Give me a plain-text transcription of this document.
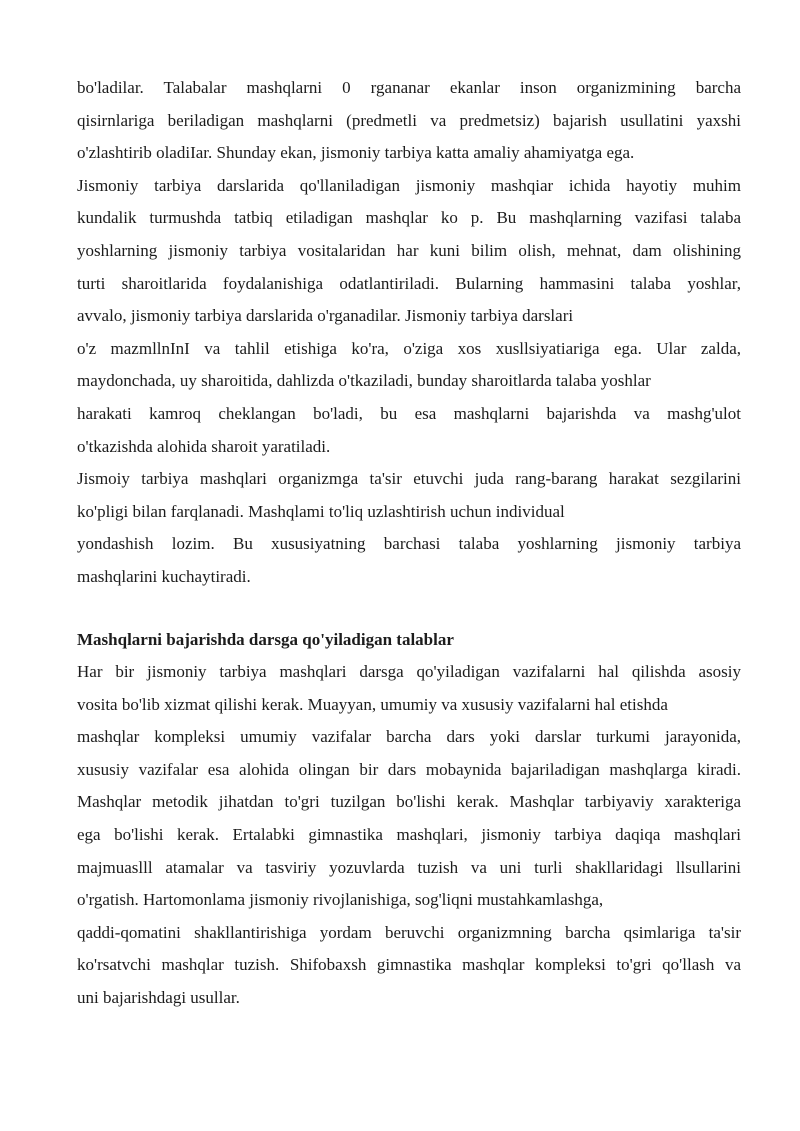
bo'ladilar. Talabalar mashqlarni 0 rgananar ekanlar inson organizmining barcha
qisirnlariga beriladigan mashqlarni (predmetli va predmetsiz) bajarish usullatini yaxshi
o'zlashtirib oladiIar. Shunday ekan, jismoniy tarbiya katta amaliy ahamiyatga ega.
Jismoniy tarbiya darslarida qo'llaniladigan jismoniy mashqiar ichida hayotiy muhim
kundalik turmushda tatbiq etiladigan mashqlar ko p. Bu mashqlarning vazifasi talaba
yoshlarning jismoniy tarbiya vositalaridan har kuni bilim olish, mehnat, dam olishining
turti sharoitlarida foydalanishiga odatlantiriladi. Bularning hammasini talaba yoshlar,
avvalo, jismoniy tarbiya darslarida o'rganadilar. Jismoniy tarbiya darslari
o'z mazmllnInI va tahlil etishiga ko'ra, o'ziga xos xusllsiyatiariga ega. Ular zalda,
maydonchada, uy sharoitida, dahlizda o'tkaziladi, bunday sharoitlarda talaba yoshlar
harakati kamroq cheklangan bo'ladi, bu esa mashqlarni bajarishda va mashg'ulot
o'tkazishda alohida sharoit yaratiladi.
Jismoiy tarbiya mashqlari organizmga ta'sir etuvchi juda rang-barang harakat sezgilarini
ko'pligi bilan farqlanadi. Mashqlami to'liq uzlashtirish uchun individual
yondashish lozim. Bu xususiyatning barchasi talaba yoshlarning jismoniy tarbiya
mashqlarini kuchaytiradi.
Mashqlarni bajarishda darsga qo'yiladigan talablar
Har bir jismoniy tarbiya mashqlari darsga qo'yiladigan vazifalarni hal qilishda asosiy
vosita bo'lib xizmat qilishi kerak. Muayyan, umumiy va xususiy vazifalarni hal etishda
mashqlar kompleksi umumiy vazifalar barcha dars yoki darslar turkumi jarayonida,
xususiy vazifalar esa alohida olingan bir dars mobaynida bajariladigan mashqlarga kiradi.
Mashqlar metodik jihatdan to'gri tuzilgan bo'lishi kerak. Mashqlar tarbiyaviy xarakteriga
ega bo'lishi kerak. Ertalabki gimnastika mashqlari, jismoniy tarbiya daqiqa mashqlari
majmuaslll atamalar va tasviriy yozuvlarda tuzish va uni turli shakllaridagi llsullarini
o'rgatish. Hartomonlama jismoniy rivojlanishiga, sog'liqni mustahkamlashga,
qaddi-qomatini shakllantirishiga yordam beruvchi organizmning barcha qsimlariga ta'sir
ko'rsatvchi mashqlar tuzish. Shifobaxsh gimnastika mashqlar kompleksi to'gri qo'llash va
uni bajarishdagi usullar.
